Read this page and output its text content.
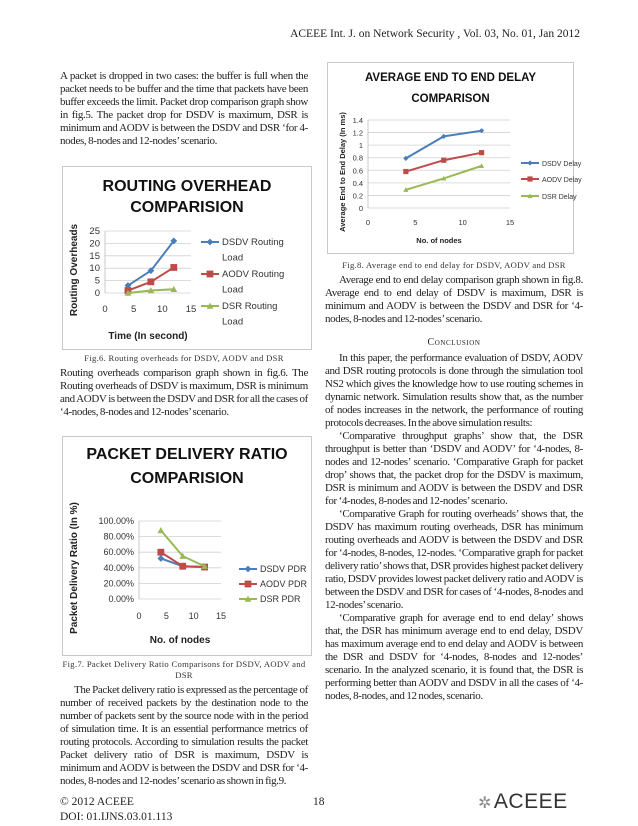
ACEEE Int. J. on Network Security , Vol. 03, No. 01, Jan 2012

A packet is dropped in two cases: the buffer is full when the packet needs to be buffer and the time that packets have been buffer exceeds the limit. Packet drop comparison graph show in fig.5. The packet drop for DSDV is maximum, DSR is minimum and AODV is between the DSDV and DSR ‘for 4-nodes, 8-nodes and 12-nodes’ scenario.

ROUTING OVERHEAD
COMPARISION
0
5
10
15
20
25
0 5 10 15
Time (In second)
Routing Overheads	DSDV Routing
Load
AODV Routing
Load
DSR Routing
Load
Fig.6. Routing overheads for DSDV, AODV and DSR

Routing overheads comparison graph shown in fig.6. The Routing overheads of DSDV is maximum, DSR is minimum and AODV is between the DSDV and DSR for all the cases of ‘4-nodes, 8-nodes and 12-nodes’ scenario.

PACKET DELIVERY RATIO
COMPARISION
0.00%
20.00%
40.00%
60.00%
80.00%
100.00%
0 5 10 15
No. of nodes
Packet Delivery Ratio (In %)	DSDV PDR
AODV PDR
DSR PDR
Fig.7. Packet Delivery Ratio Comparisons for DSDV, AODV and DSR

The Packet delivery ratio is expressed as the percentage of number of received packets by the destination node to the number of packets sent by the source node with in the period of simulation time. It is an essential performance metrics of routing protocols. According to simulation results the packet Packet delivery ratio of DSR is maximum, DSDV is minimum and AODV is between the DSDV and DSR for ‘4-nodes, 8-nodes and 12-nodes’ scenario as shown in fig.9.

AVERAGE END TO END DELAY
COMPARISON
0
0.2
0.4
0.6
0.8
1
1.2
1.4
0	5	10	15
No. of nodes
Average End to End Delay (In ms)	DSDV Delay
AODV Delay
DSR Delay
Fig.8. Average end to end delay for DSDV, AODV and DSR

Average end to end delay comparison graph shown in fig.8. Average end to end delay of DSDV is maximum, DSR is minimum and AODV is between the DSDV and DSR for ‘4-nodes, 8-nodes and 12-nodes’ scenario.

Conclusion

In this paper, the performance evaluation of DSDV, AODV and DSR routing protocols is done through the simulation tool NS2 which gives the knowledge how to use routing schemes in dynamic network. Simulation results show that, as the number of nodes increases in the network, the performance of routing protocols decreases. In the above simulation results:

‘Comparative throughput graphs’ show that, the DSR throughput is better than ‘DSDV and AODV’ for ‘4-nodes, 8-nodes and 12-nodes’ scenario. ‘Comparative Graph for packet drop’ shows that, the packet drop for the DSDV is maximum, DSR is minimum and AODV is between the DSDV and DSR for ‘4-nodes, 8-nodes and 12-nodes’ scenario.

‘Comparative Graph for routing overheads’ shows that, the DSDV has maximum routing overheads, DSR has minimum routing overheads and AODV is between the DSDV and DSR for ‘4-nodes, 8-nodes, 12-nodes. ‘Comparative graph for packet delivery ratio’ shows that, DSR provides highest packet delivery ratio, DSDV provides lowest packet delivery ratio and AODV is between the DSDV and DSR for cases of ‘4-nodes, 8-nodes and 12-nodes’ scenario.

‘Comparative graph for average end to end delay’ shows that, the DSR has minimum average end to end delay, DSDV has maximum average end to end delay and AODV is between the DSR and DSDV for ‘4-nodes, 8-nodes and 12-nodes’ scenario. In the analyzed scenario, it is found that, the DSR is performing better than AODV and DSDV in all the cases of ‘4-nodes, 8-nodes, and 12 nodes, scenario.

© 2012 ACEEE
DOI: 01.IJNS.03.01.113
18	✲ACEEE
